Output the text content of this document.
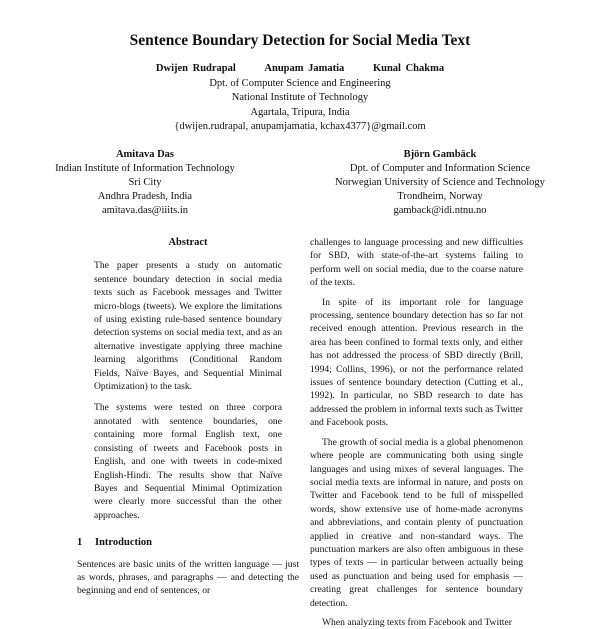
Sentence Boundary Detection for Social Media Text
Dwijen Rudrapal	Anupam Jamatia	Kunal Chakma
Dpt. of Computer Science and Engineering
National Institute of Technology
Agartala, Tripura, India
{dwijen.rudrapal, anupamjamatia, kchax4377}@gmail.com
Amitava Das
Indian Institute of Information Technology
Sri City
Andhra Pradesh, India
amitava.das@iiits.in
Björn Gambäck
Dpt. of Computer and Information Science
Norwegian University of Science and Technology
Trondheim, Norway
gamback@idi.ntnu.no
Abstract

The paper presents a study on automatic sentence boundary detection in social media texts such as Facebook messages and Twitter micro-blogs (tweets). We explore the limitations of using existing rule-based sentence boundary detection systems on social media text, and as an alternative investigate applying three machine learning algorithms (Conditional Random Fields, Naïve Bayes, and Sequential Minimal Optimization) to the task.

The systems were tested on three corpora annotated with sentence boundaries, one containing more formal English text, one consisting of tweets and Facebook posts in English, and one with tweets in code-mixed English-Hindi. The results show that Naïve Bayes and Sequential Minimal Optimization were clearly more successful than the other approaches.

1 Introduction

Sentences are basic units of the written language — just as words, phrases, and paragraphs — and detecting the beginning and end of sentences, or

challenges to language processing and new difficulties for SBD, with state-of-the-art systems failing to perform well on social media, due to the coarse nature of the texts.

In spite of its important role for language processing, sentence boundary detection has so far not received enough attention. Previous research in the area has been confined to formal texts only, and either has not addressed the process of SBD directly (Brill, 1994; Collins, 1996), or not the performance related issues of sentence boundary detection (Cutting et al., 1992). In particular, no SBD research to date has addressed the problem in informal texts such as Twitter and Facebook posts.

The growth of social media is a global phenomenon where people are communicating both using single languages and using mixes of several languages. The social media texts are informal in nature, and posts on Twitter and Facebook tend to be full of misspelled words, show extensive use of home-made acronyms and abbreviations, and contain plenty of punctuation applied in creative and non-standard ways. The punctuation markers are also often ambiguous in these types of texts — in particular between actually being used as punctuation and being used for emphasis — creating great challenges for sentence boundary detection.

When analyzing texts from Facebook and Twitter
